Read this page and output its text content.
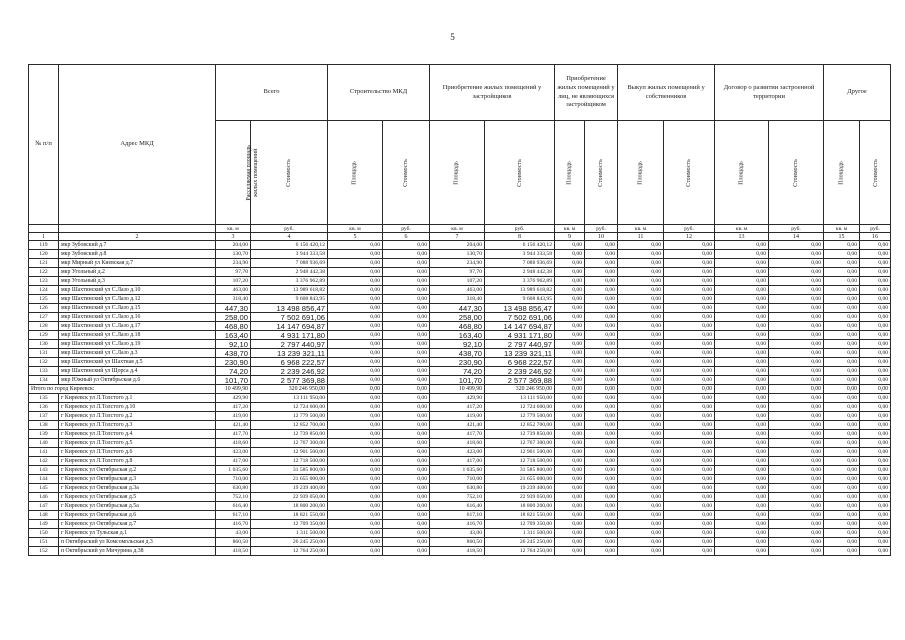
5
№ п/п	Адрес МКД	Всего		Строительство МКД		Приобретение жилых помещений у застройщиков		Приобретение жилых помещений у лиц, не являющихся застройщиком		Выкуп жилых помещений у собственников		Договор о развитии застроенной территории		Другое	
		Расселяемая площадь жилых помещений	Стоимость	Площадь	Стоимость	Площадь	Стоимость	Площадь	Стоимость	Площадь	Стоимость	Площадь	Стоимость	Площадь	Стоимость
		кв. м	руб.	кв. м	руб.	кв. м	руб.	кв. м	руб.	кв. м	руб.	кв. м	руб.	кв. м	руб.
1	2	3	4	5	6	7	8	9	10	11	12	13	14	15	16
119	мкр Зубовский д.7	204,00	6 156 420,12	0,00	0,00	204,00	6 156 420,12	0,00	0,00	0,00	0,00	0,00	0,00	0,00	0,00
120	мкр Зубовский д.8	130,70	3 944 333,58	0,00	0,00	130,70	3 944 333,58	0,00	0,00	0,00	0,00	0,00	0,00	0,00	0,00
121	мкр Мирный ул Киевская д.7	234,90	7 088 936,69	0,00	0,00	234,90	7 088 936,69	0,00	0,00	0,00	0,00	0,00	0,00	0,00	0,00
122	мкр Угольный д.2	97,70	2 948 442,38	0,00	0,00	97,70	2 948 442,38	0,00	0,00	0,00	0,00	0,00	0,00	0,00	0,00
123	мкр Угольный д.3	107,20	3 376 962,89	0,00	0,00	107,20	3 376 962,89	0,00	0,00	0,00	0,00	0,00	0,00	0,00	0,00
124	мкр Шахтинский ул С.Лазо д.10	463,00	13 989 618,82	0,00	0,00	463,00	13 989 618,82	0,00	0,00	0,00	0,00	0,00	0,00	0,00	0,00
125	мкр Шахтинский ул С.Лазо д.12	318,40	9 608 843,95	0,00	0,00	318,40	9 608 843,95	0,00	0,00	0,00	0,00	0,00	0,00	0,00	0,00
126	мкр Шахтинский ул С.Лазо д.15	447,30	13 498 856,47	0,00	0,00	447,30	13 498 856,47	0,00	0,00	0,00	0,00	0,00	0,00	0,00	0,00
127	мкр Шахтинский ул С.Лазо д.16	258,00	7 502 691,06	0,00	0,00	258,00	7 502 691,06	0,00	0,00	0,00	0,00	0,00	0,00	0,00	0,00
128	мкр Шахтинский ул С.Лазо д.17	468,80	14 147 694,87	0,00	0,00	468,80	14 147 694,87	0,00	0,00	0,00	0,00	0,00	0,00	0,00	0,00
129	мкр Шахтинский ул С.Лазо д.18	163,40	4 931 171,80	0,00	0,00	163,40	4 931 171,80	0,00	0,00	0,00	0,00	0,00	0,00	0,00	0,00
130	мкр Шахтинский ул С.Лазо д.19	92,10	2 797 440,97	0,00	0,00	92,10	2 797 440,97	0,00	0,00	0,00	0,00	0,00	0,00	0,00	0,00
131	мкр Шахтинский ул С.Лазо д.3	438,70	13 239 321,11	0,00	0,00	438,70	13 239 321,11	0,00	0,00	0,00	0,00	0,00	0,00	0,00	0,00
132	мкр Шахтинский ул Шахтная д.5	230,90	6 968 222,57	0,00	0,00	230,90	6 968 222,57	0,00	0,00	0,00	0,00	0,00	0,00	0,00	0,00
133	мкр Шахтинский ул Щорса д.4	74,20	2 239 246,92	0,00	0,00	74,20	2 239 246,92	0,00	0,00	0,00	0,00	0,00	0,00	0,00	0,00
134	мкр Южный ул Октябрьская д.6	101,70	2 577 369,88	0,00	0,00	101,70	2 577 369,88	0,00	0,00	0,00	0,00	0,00	0,00	0,00	0,00
Итого по город Киреевск:		10 499,90	320 246 950,00	0,00	0,00	10 499,90	320 246 950,00	0,00	0,00	0,00	0,00	0,00	0,00	0,00	0,00
135	г Киреевск ул Л.Толстого д.1	429,90	13 111 950,00	0,00	0,00	429,90	13 111 950,00	0,00	0,00	0,00	0,00	0,00	0,00	0,00	0,00
136	г Киреевск ул Л.Толстого д.10	417,20	12 724 600,00	0,00	0,00	417,20	12 724 600,00	0,00	0,00	0,00	0,00	0,00	0,00	0,00	0,00
137	г Киреевск ул Л.Толстого д.2	419,00	12 779 500,00	0,00	0,00	419,00	12 779 500,00	0,00	0,00	0,00	0,00	0,00	0,00	0,00	0,00
138	г Киреевск ул Л.Толстого д.3	421,40	12 852 700,00	0,00	0,00	421,40	12 852 700,00	0,00	0,00	0,00	0,00	0,00	0,00	0,00	0,00
139	г Киреевск ул Л.Толстого д.4	417,70	12 739 850,00	0,00	0,00	417,70	12 739 850,00	0,00	0,00	0,00	0,00	0,00	0,00	0,00	0,00
140	г Киреевск ул Л.Толстого д.5	418,60	12 767 300,00	0,00	0,00	418,60	12 767 300,00	0,00	0,00	0,00	0,00	0,00	0,00	0,00	0,00
141	г Киреевск ул Л.Толстого д.6	423,00	12 901 500,00	0,00	0,00	423,00	12 901 500,00	0,00	0,00	0,00	0,00	0,00	0,00	0,00	0,00
142	г Киреевск ул Л.Толстого д.8	417,00	12 718 500,00	0,00	0,00	417,00	12 718 500,00	0,00	0,00	0,00	0,00	0,00	0,00	0,00	0,00
143	г Киреевск ул Октябрьская д.2	1 035,60	31 585 800,00	0,00	0,00	1 035,60	31 585 800,00	0,00	0,00	0,00	0,00	0,00	0,00	0,00	0,00
144	г Киреевск ул Октябрьская д.3	710,00	21 655 000,00	0,00	0,00	710,00	21 655 000,00	0,00	0,00	0,00	0,00	0,00	0,00	0,00	0,00
145	г Киреевск ул Октябрьская д.3а	630,80	19 239 400,00	0,00	0,00	630,80	19 239 400,00	0,00	0,00	0,00	0,00	0,00	0,00	0,00	0,00
146	г Киреевск ул Октябрьская д.5	752,10	22 939 050,00	0,00	0,00	752,10	22 939 050,00	0,00	0,00	0,00	0,00	0,00	0,00	0,00	0,00
147	г Киреевск ул Октябрьская д.5а	616,40	18 800 200,00	0,00	0,00	616,40	18 800 200,00	0,00	0,00	0,00	0,00	0,00	0,00	0,00	0,00
148	г Киреевск ул Октябрьская д.6	617,10	18 821 550,00	0,00	0,00	617,10	18 821 550,00	0,00	0,00	0,00	0,00	0,00	0,00	0,00	0,00
149	г Киреевск ул Октябрьская д.7	416,70	12 709 350,00	0,00	0,00	416,70	12 709 350,00	0,00	0,00	0,00	0,00	0,00	0,00	0,00	0,00
150	г Киреевск ул Тульская д.1	43,00	1 311 500,00	0,00	0,00	43,00	1 311 500,00	0,00	0,00	0,00	0,00	0,00	0,00	0,00	0,00
151	п Октябрьский ул Комсомольская д.3	860,50	26 245 250,00	0,00	0,00	860,50	26 245 250,00	0,00	0,00	0,00	0,00	0,00	0,00	0,00	0,00
152	п Октябрьский ул Мичурина д.38	418,50	12 764 250,00	0,00	0,00	418,50	12 764 250,00	0,00	0,00	0,00	0,00	0,00	0,00	0,00	0,00
